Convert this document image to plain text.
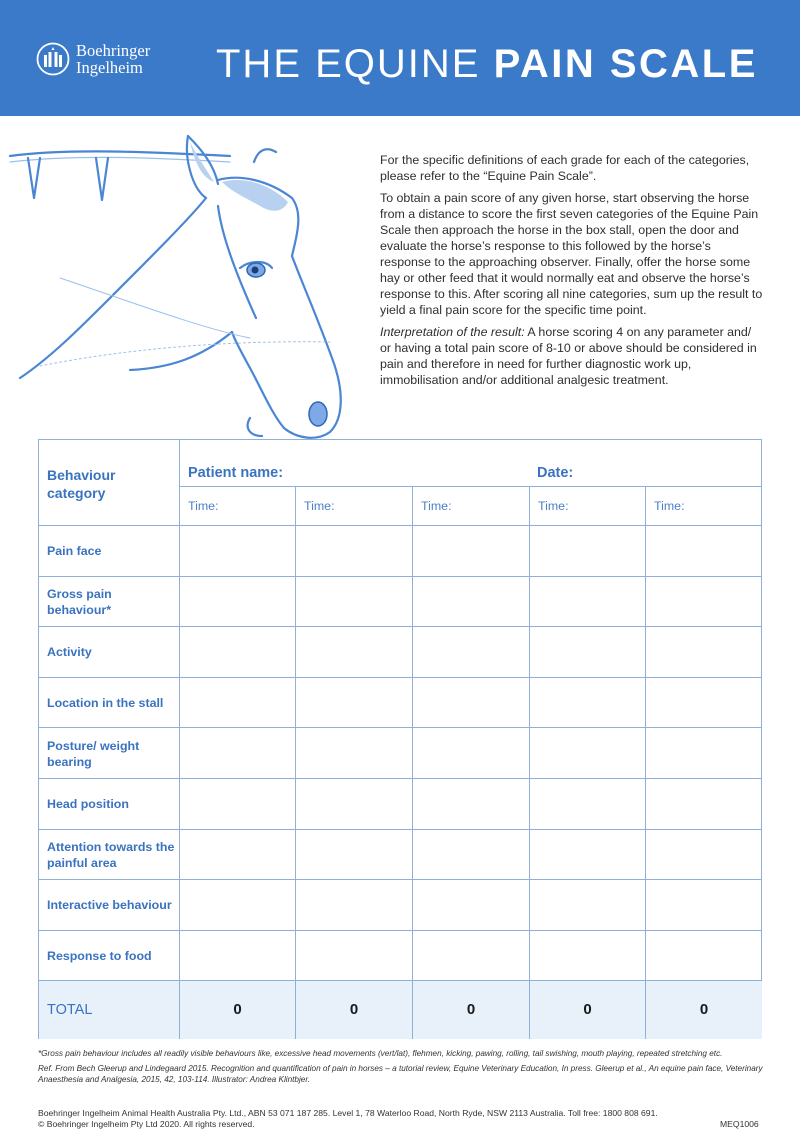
Boehringer
Ingelheim	THE EQUINE PAIN SCALE

For the specific definitions of each grade for each of the categories, please refer to the “Equine Pain Scale”.

To obtain a pain score of any given horse, start observing the horse from a distance to score the first seven categories of the Equine Pain Scale then approach the horse in the box stall, open the door and evaluate the horse’s response to this followed by the horse’s response to the approaching observer. Finally, offer the horse some hay or other feed that it would normally eat and observe the horse’s response to this. After scoring all nine categories, sum up the result to yield a final pain score for the specific time point.

Interpretation of the result: A horse scoring 4 on any parameter and/ or having a total pain score of 8-10 or above should be considered in pain and therefore in need for further diagnostic work up, immobilisation and/or additional analgesic treatment.

Behaviour category
Patient name:	Date:
Time:	Time:	Time:	Time:	Time:
Pain face
Gross pain behaviour*
Activity
Location in the stall
Posture/ weight bearing
Head position
Attention towards the painful area
Interactive behaviour
Response to food
TOTAL	0	0	0	0	0
*Gross pain behaviour includes all readily visible behaviours like, excessive head movements (vert/lat), flehmen, kicking, pawing, rolling, tail swishing, mouth playing, repeated stretching etc.
Ref. From Bech Gleerup and Lindegaard 2015. Recognition and quantification of pain in horses – a tutorial review, Equine Veterinary Education, In press. Gleerup et al., An equine pain face, Veterinary Anaesthesia and Analgesia, 2015, 42, 103-114. Illustrator: Andrea Klintbjer.
Boehringer Ingelheim Animal Health Australia Pty. Ltd., ABN 53 071 187 285. Level 1, 78 Waterloo Road, North Ryde, NSW 2113 Australia. Toll free: 1800 808 691.
© Boehringer Ingelheim Pty Ltd 2020. All rights reserved.	MEQ1006
